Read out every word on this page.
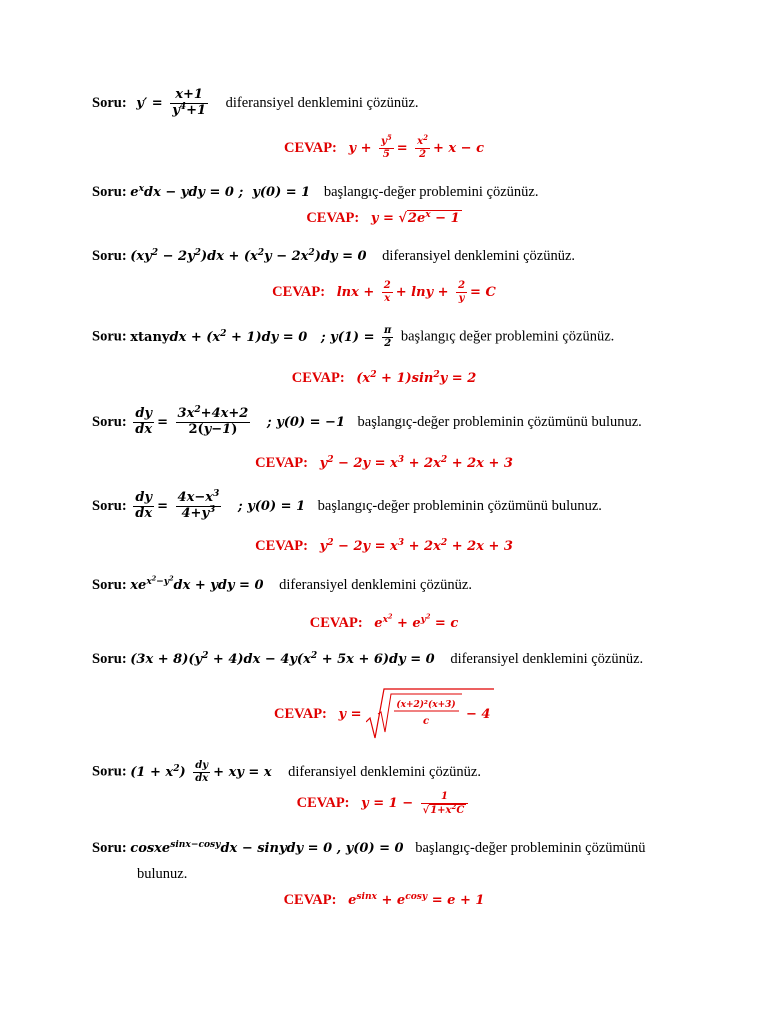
Soru: $y' = \frac{x+1}{y^4+1}$ diferansiyel denklemini çözünüz.
CEVAP: $y + \frac{y^5}{5} = \frac{x^2}{2} + x - c$
Soru: $e^xdx$ − ydy = 0 ;  y(0) = 1 başlangıç-değer problemini çözünüz.
CEVAP: $y = √2e^x - 1$
Soru: $(xy^2 - 2y^2)dx + (x^2y - 2x^2)dy = 0$ diferansiyel denklemini çözünüz.
CEVAP: $\ln x + \frac{2}{x} + \ln y + \frac{2}{y} = C$
Soru: xtanydx + $(x^2 + 1)dy = 0$   ; $y(1) = \frac{\pi}{2}$ başlangıç değer problemini çözünüz.
CEVAP: $(x^2 + 1)\sin^2y = 2$
Soru: $\frac{dy}{dx} = \frac{3x^2+4x+2}{2(y-1)}$ ; y(0) = −1 başlangıç-değer probleminin çözümünü bulunuz.
CEVAP: $y^2 - 2y = x^3 + 2x^2 + 2x + 3$
Soru: $\frac{dy}{dx} = \frac{4x-x^3}{4+y^3}$ ; y(0) = 1 başlangıç-değer probleminin çözümünü bulunuz.
CEVAP: $y^2 - 2y = x^3 + 2x^2 + 2x + 3$
Soru: $xe^{x^2-y^2}dx$ + ydy = 0 diferansiyel denklemini çözünüz.
CEVAP: $e^{x^2} + e^{y^2} = c$
Soru: $(3x + 8)(y^2 + 4)dx - 4y(x^2 + 5x + 6)dy = 0$ diferansiyel denklemini çözünüz.
CEVAP: y =
(x+2)²(x+3)
c	− 4
Soru: $(1 + x^2) \frac{dy}{dx}$ + xy = x diferansiyel denklemini çözünüz.
CEVAP: $y = 1 - \frac{1}{√1+x^2C}$
Soru: cosxe$^{sinx-cosy}$dx − sinydy = 0 , y(0) = 0 başlangıç-değer probleminin çözümünü
bulunuz.
CEVAP: $e^{sinx} + e^{cosy} = e + 1$
